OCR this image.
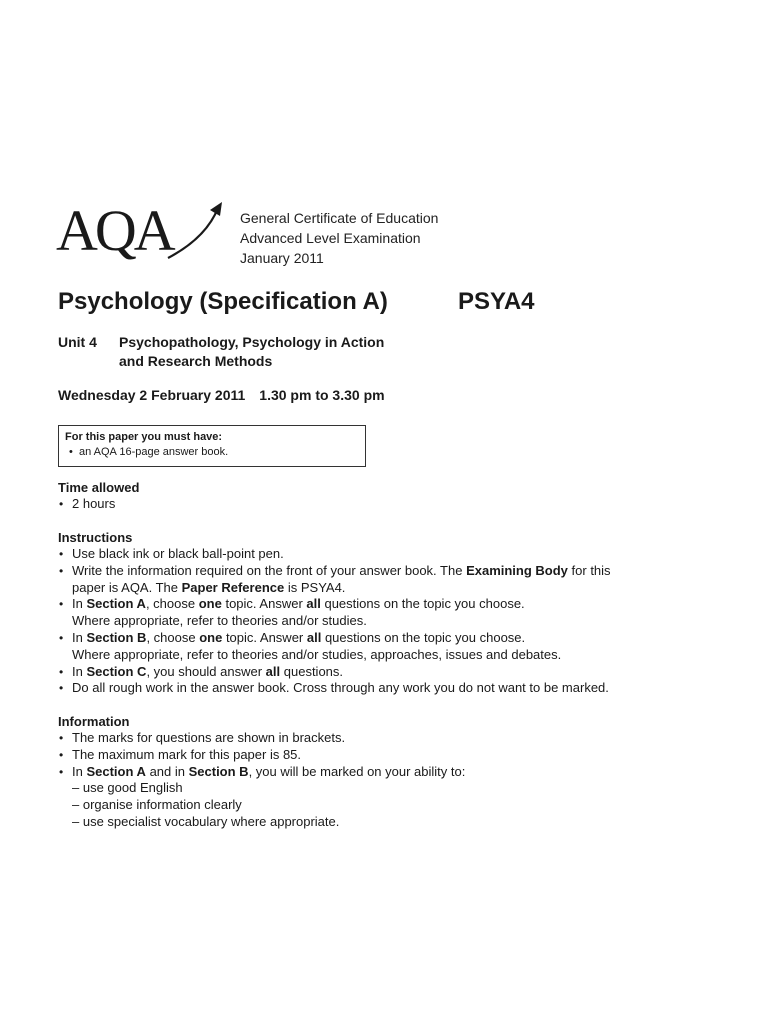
AQA	General Certificate of Education
Advanced Level Examination
January 2011
Psychology (Specification A)	PSYA4
Unit 4 Psychopathology, Psychology in Action
and Research Methods
Wednesday 2 February 2011 1.30 pm to 3.30 pm
For this paper you must have:
•  an AQA 16-page answer book.
Time allowed
• 2 hours
Instructions
• Use black ink or black ball-point pen.
• Write the information required on the front of your answer book. The Examining Body for this
paper is AQA. The Paper Reference is PSYA4.
• In Section A, choose one topic. Answer all questions on the topic you choose.
Where appropriate, refer to theories and/or studies.
• In Section B, choose one topic. Answer all questions on the topic you choose.
Where appropriate, refer to theories and/or studies, approaches, issues and debates.
• In Section C, you should answer all questions.
• Do all rough work in the answer book. Cross through any work you do not want to be marked.
Information
• The marks for questions are shown in brackets.
• The maximum mark for this paper is 85.
• In Section A and in Section B, you will be marked on your ability to:
– use good English
– organise information clearly
– use specialist vocabulary where appropriate.
